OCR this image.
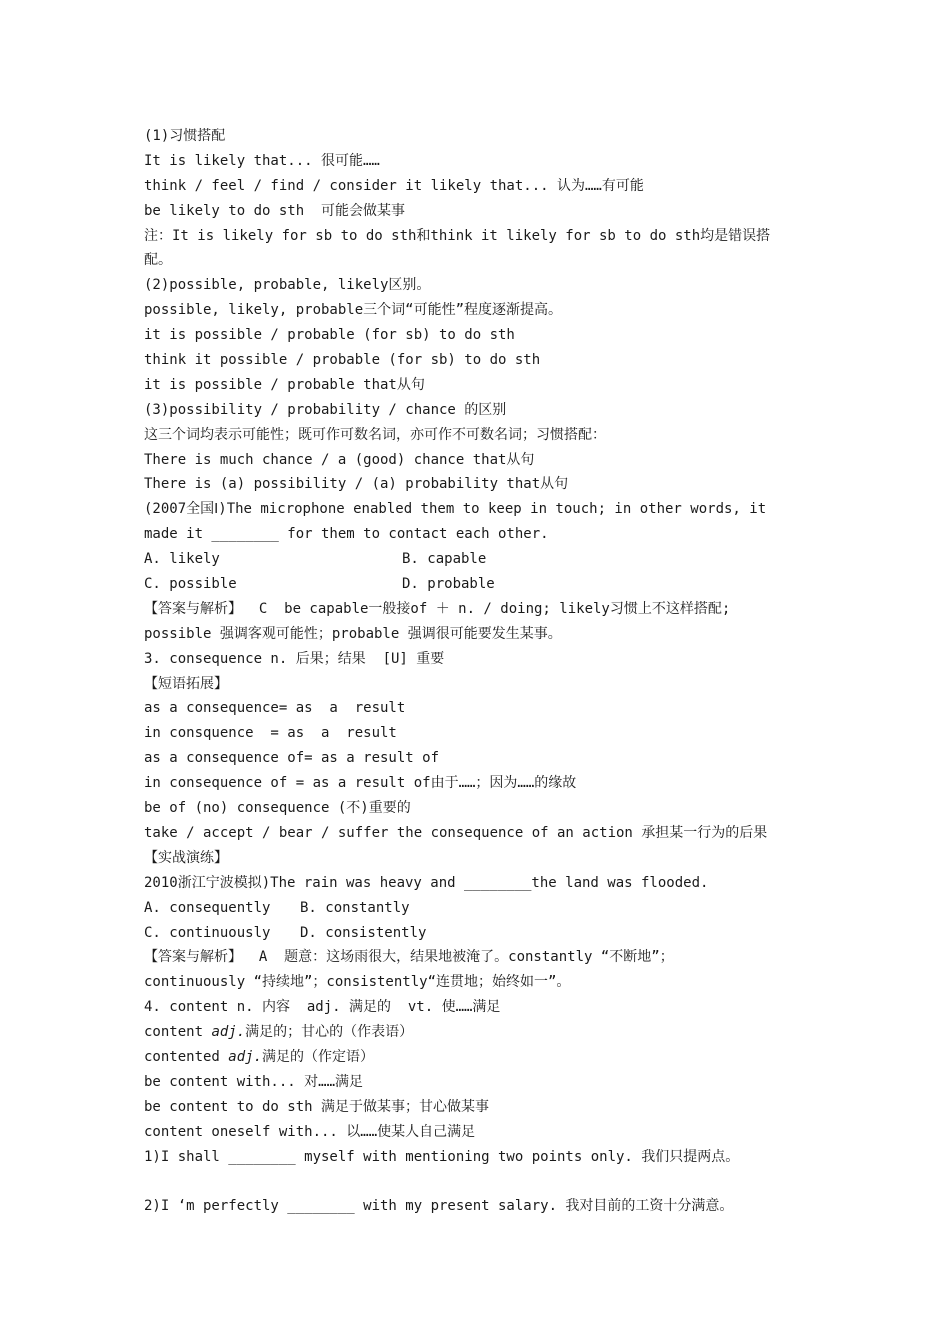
(1)习惯搭配
It is likely that... 很可能……
think / feel / find / consider it likely that... 认为……有可能
be likely to do sth  可能会做某事
注：It is likely for sb to do sth和think it likely for sb to do sth均是错误搭
配。
(2)possible, probable, likely区别。
possible, likely, probable三个词“可能性”程度逐渐提高。
it is possible / probable (for sb) to do sth
think it possible / probable (for sb) to do sth
it is possible / probable that从句
(3)possibility / probability / chance 的区别
这三个词均表示可能性；既可作可数名词，亦可作不可数名词；习惯搭配：
There is much chance / a (good) chance that从句
There is (a) possibility / (a) probability that从句
(2007全国Ⅰ)The microphone enabled them to keep in touch; in other words, it
made it ________ for them to contact each other.
A. likely	B. capable
C. possible	D. probable
【答案与解析】  C  be capable一般接of ＋ n. / doing; likely习惯上不这样搭配;
possible 强调客观可能性；probable 强调很可能要发生某事。
3. consequence n. 后果；结果  [U] 重要
【短语拓展】
as a consequence= as  a  result
in consquence  = as  a  result
as a consequence of= as a result of
in consequence of = as a result of由于……；因为……的缘故
be of (no) consequence (不)重要的
take / accept / bear / suffer the consequence of an action 承担某一行为的后果
【实战演练】
2010浙江宁波模拟)The rain was heavy and ________the land was flooded.
A. consequently	B. constantly
C. continuously	D. consistently
【答案与解析】  A  题意：这场雨很大，结果地被淹了。constantly “不断地”；
continuously “持续地”；consistently“连贯地；始终如一”。
4. content n. 内容  adj. 满足的  vt. 使……满足
content adj.满足的；甘心的（作表语）
contented adj.满足的（作定语）
be content with... 对……满足
be content to do sth 满足于做某事；甘心做某事
content oneself with... 以……使某人自己满足
1)I shall ________ myself with mentioning two points only. 我们只提两点。
2)I ‘m perfectly ________ with my present salary. 我对目前的工资十分满意。
